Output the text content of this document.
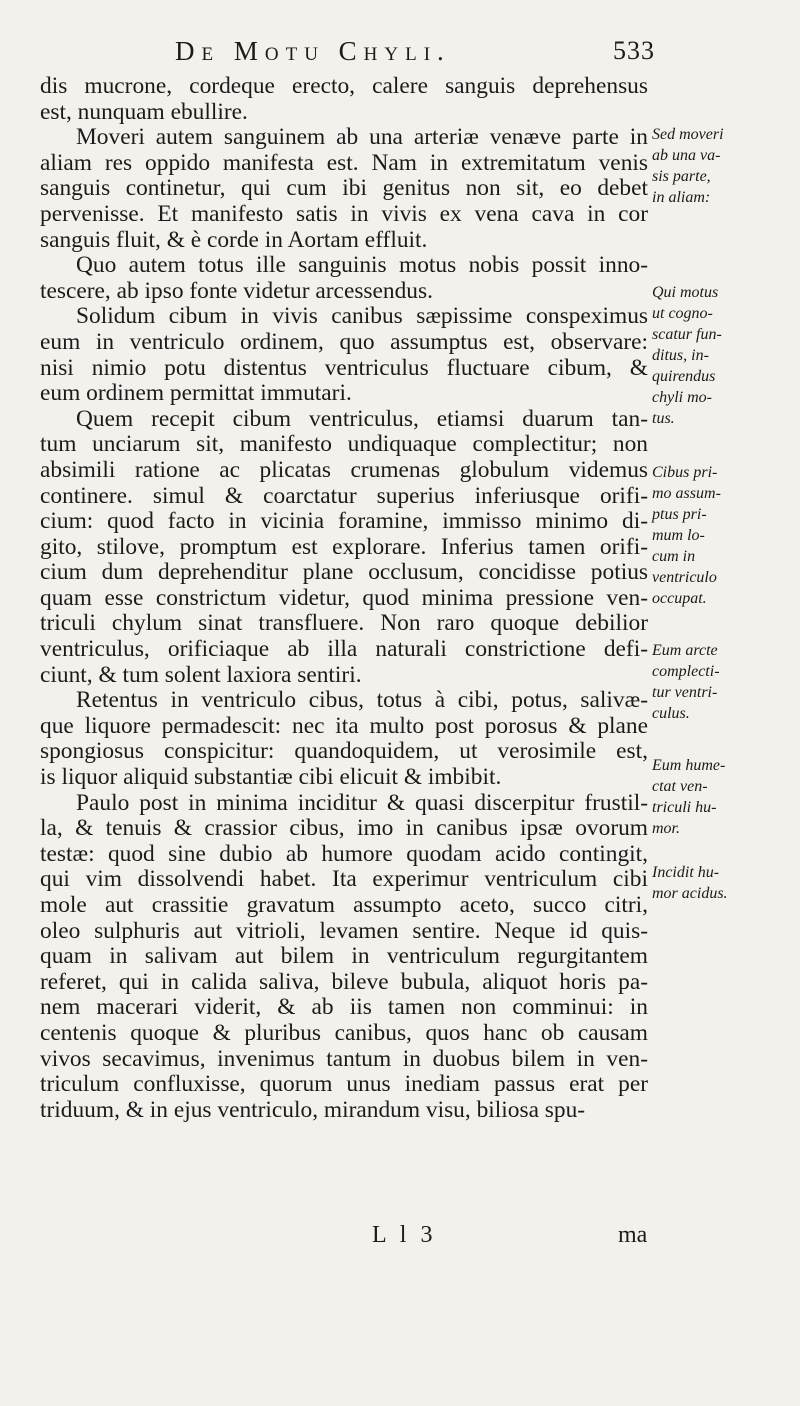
De Motu Chyli.	533
dis mucrone, cordeque erecto, calere sanguis deprehensus
est, nunquam ebullire.
Moveri autem sanguinem ab una arteriæ venæve parte in
aliam res oppido manifesta est. Nam in extremitatum venis
sanguis continetur, qui cum ibi genitus non sit, eo debet
pervenisse. Et manifesto satis in vivis ex vena cava in cor
sanguis fluit, & è corde in Aortam effluit.
Quo autem totus ille sanguinis motus nobis possit inno-
tescere, ab ipso fonte videtur arcessendus.
Solidum cibum in vivis canibus sæpissime conspeximus
eum in ventriculo ordinem, quo assumptus est, observare:
nisi nimio potu distentus ventriculus fluctuare cibum, &
eum ordinem permittat immutari.
Quem recepit cibum ventriculus, etiamsi duarum tan-
tum unciarum sit, manifesto undiquaque complectitur; non
absimili ratione ac plicatas crumenas globulum videmus
continere. simul & coarctatur superius inferiusque orifi-
cium: quod facto in vicinia foramine, immisso minimo di-
gito, stilove, promptum est explorare. Inferius tamen orifi-
cium dum deprehenditur plane occlusum, concidisse potius
quam esse constrictum videtur, quod minima pressione ven-
triculi chylum sinat transfluere. Non raro quoque debilior
ventriculus, orificiaque ab illa naturali constrictione defi-
ciunt, & tum solent laxiora sentiri.
Retentus in ventriculo cibus, totus à cibi, potus, salivæ-
que liquore permadescit: nec ita multo post porosus & plane
spongiosus conspicitur: quandoquidem, ut verosimile est,
is liquor aliquid substantiæ cibi elicuit & imbibit.
Paulo post in minima inciditur & quasi discerpitur frustil-
la, & tenuis & crassior cibus, imo in canibus ipsæ ovorum
testæ: quod sine dubio ab humore quodam acido contingit,
qui vim dissolvendi habet. Ita experimur ventriculum cibi
mole aut crassitie gravatum assumpto aceto, succo citri,
oleo sulphuris aut vitrioli, levamen sentire. Neque id quis-
quam in salivam aut bilem in ventriculum regurgitantem
referet, qui in calida saliva, bileve bubula, aliquot horis pa-
nem macerari viderit, & ab iis tamen non comminui: in
centenis quoque & pluribus canibus, quos hanc ob causam
vivos secavimus, invenimus tantum in duobus bilem in ven-
triculum confluxisse, quorum unus inediam passus erat per
triduum, & in ejus ventriculo, mirandum visu, biliosa spu-
Sed moveri
ab una va-
sis parte,
in aliam:
Qui motus
ut cogno-
scatur fun-
ditus, in-
quirendus
chyli mo-
tus.
Cibus pri-
mo assum-
ptus pri-
mum lo-
cum in
ventriculo
occupat.
Eum arcte
complecti-
tur ventri-
culus.
Eum hume-
ctat ven-
triculi hu-
mor.
Incidit hu-
mor acidus.
L l 3	ma
